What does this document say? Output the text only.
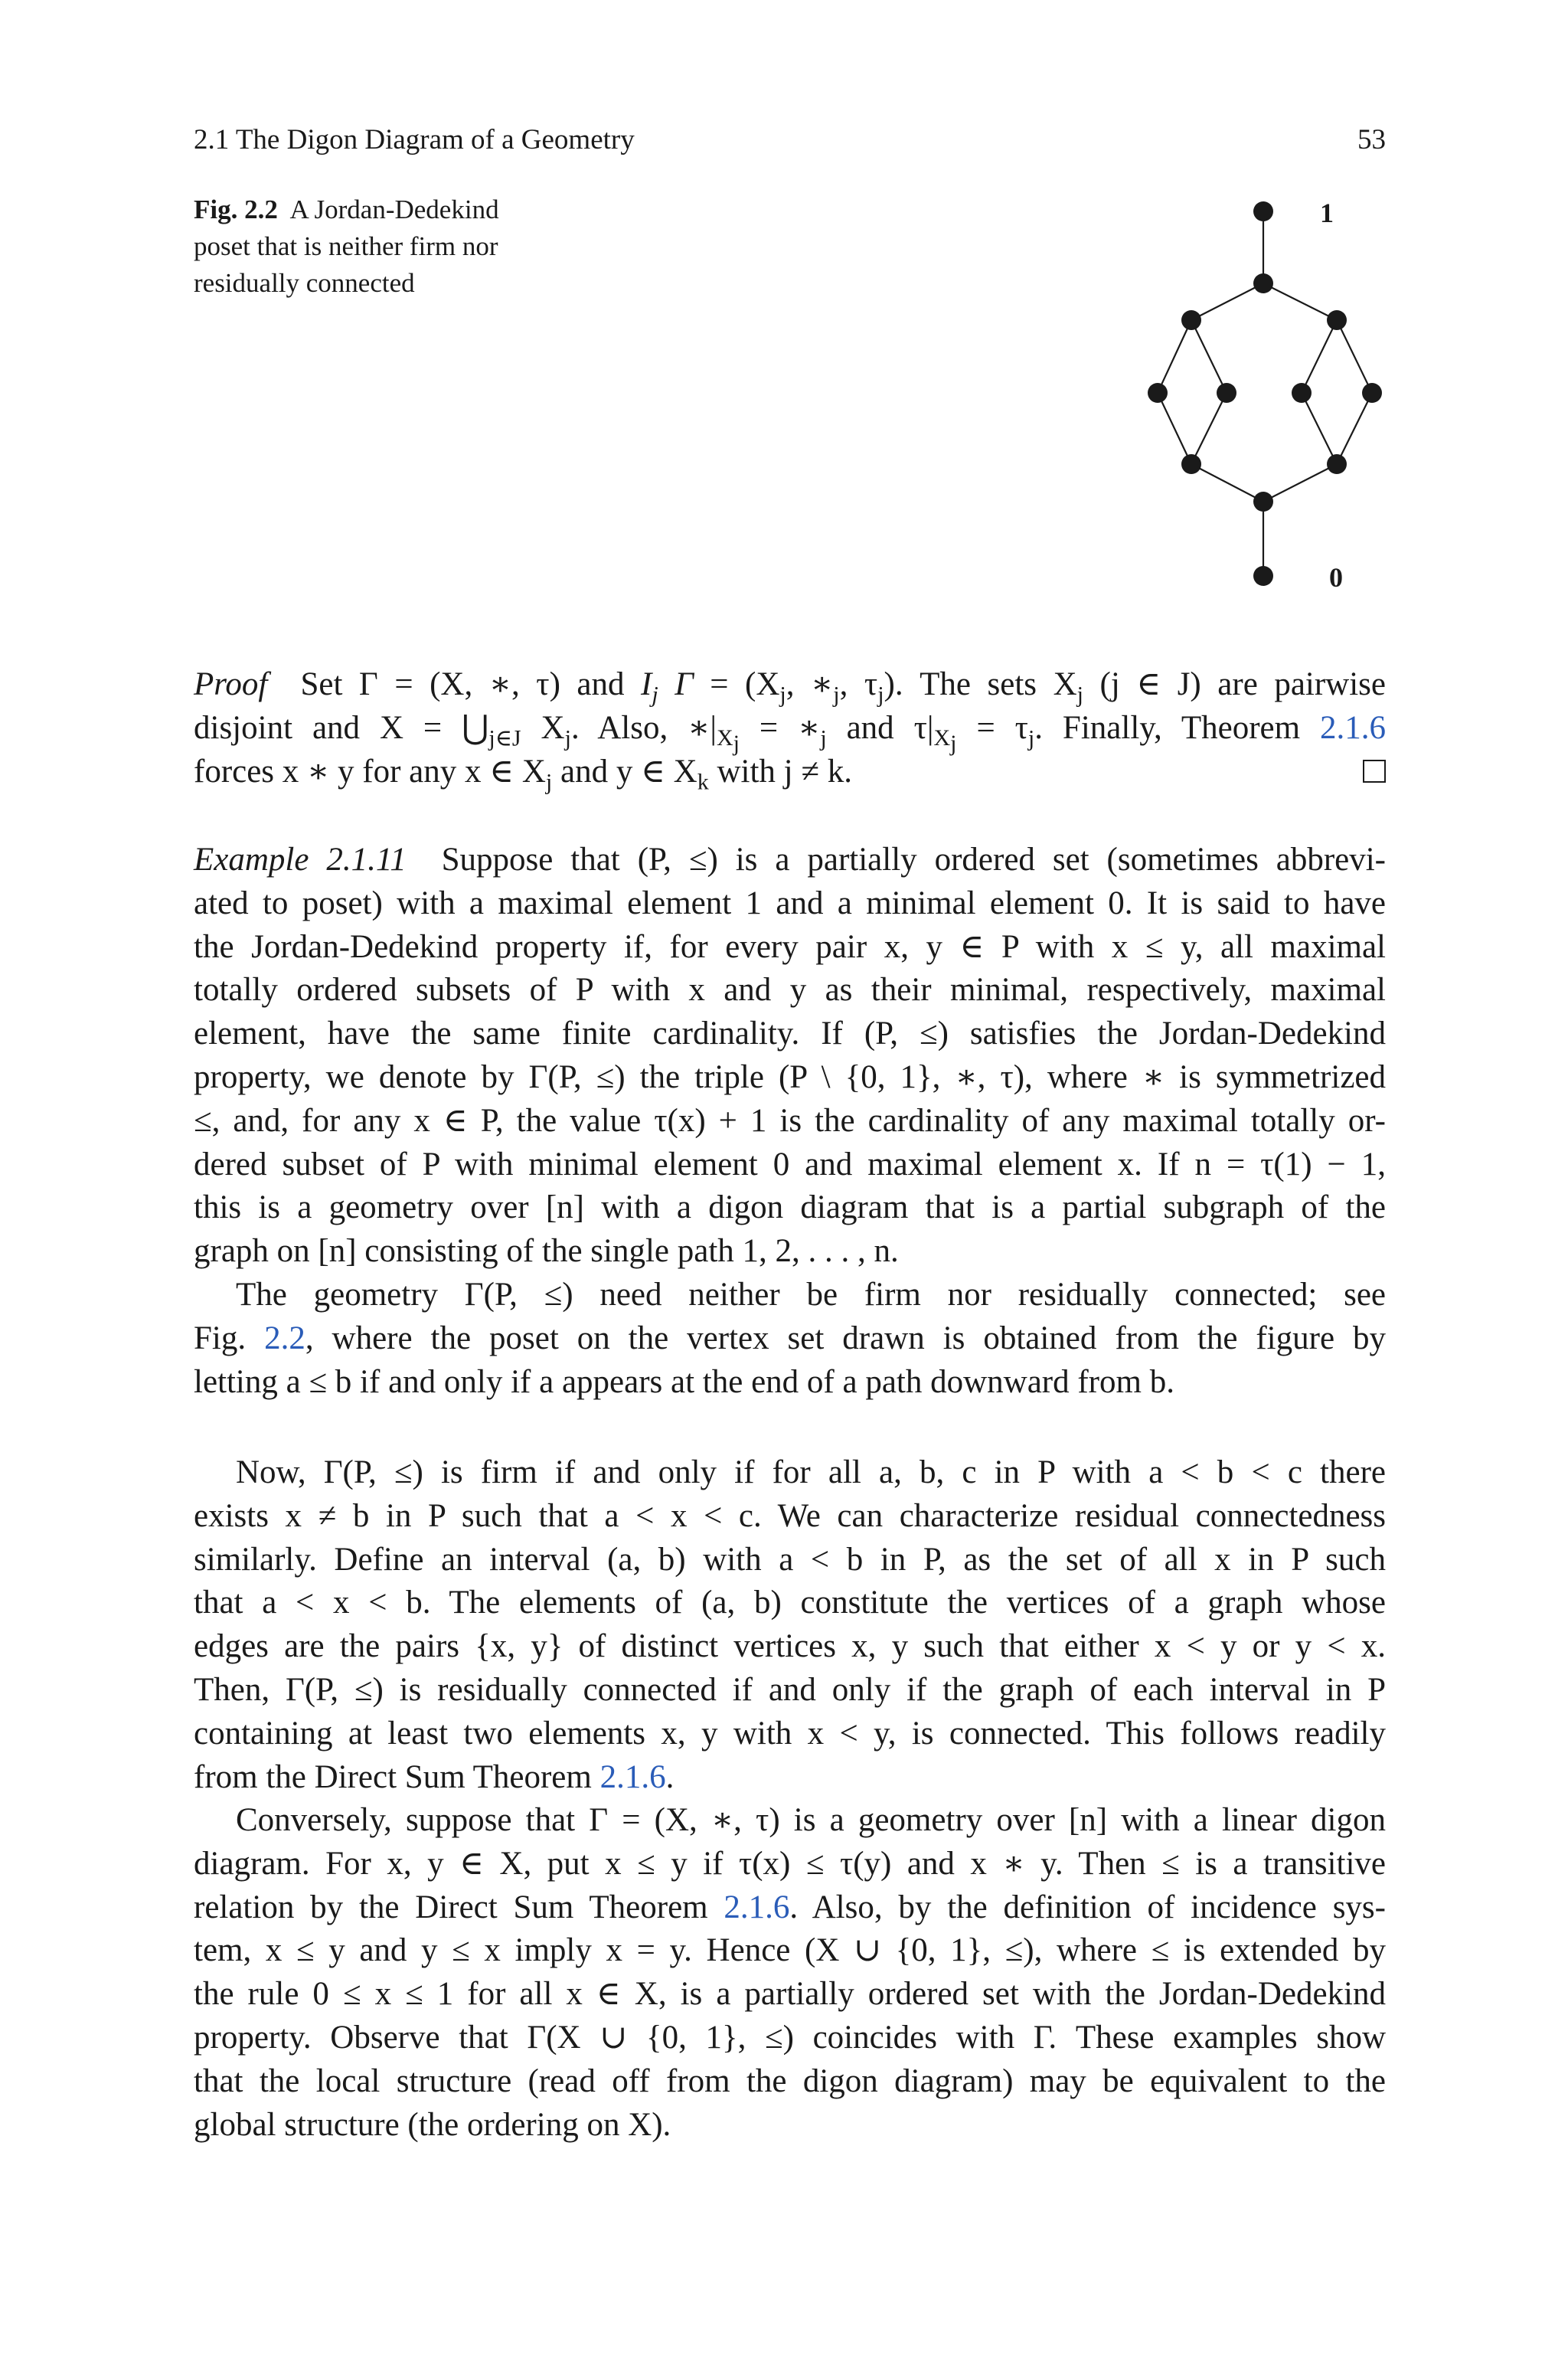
2.1 The Digon Diagram of a Geometry	53
Fig. 2.2 A Jordan-Dedekind
poset that is neither firm nor
residually connected
1
0
Proof Set Γ = (X, ∗, τ) and $I_j$ $\Gamma = (X_j$, $∗_j$, $\tau_j$). The sets $X_j$ (j ∈ J) are pairwise
disjoint and $X = ⋃_{j\in J}$ $X_j$. Also, $∗|_{X_j}$ = $∗_j$ and $\tau|_{X_j} = \tau_j$. Finally, Theorem 2.1.6
forces x ∗ y for any x ∈ $X_j$ and y ∈ $X_k$ with j ≠ k.
Example 2.1.11 Suppose that (P, ≤) is a partially ordered set (sometimes abbrevi-
ated to poset) with a maximal element 1 and a minimal element 0. It is said to have
the Jordan-Dedekind property if, for every pair x, y ∈ P with x ≤ y, all maximal
totally ordered subsets of P with x and y as their minimal, respectively, maximal
element, have the same finite cardinality. If (P, ≤) satisfies the Jordan-Dedekind
property, we denote by Γ(P, ≤) the triple (P \ {0, 1}, ∗, τ), where ∗ is symmetrized
≤, and, for any x ∈ P, the value τ(x) + 1 is the cardinality of any maximal totally or-
dered subset of P with minimal element 0 and maximal element x. If n = τ(1) − 1,
this is a geometry over [n] with a digon diagram that is a partial subgraph of the
graph on [n] consisting of the single path 1, 2, . . . , n.
The geometry Γ(P, ≤) need neither be firm nor residually connected; see
Fig. 2.2, where the poset on the vertex set drawn is obtained from the figure by
letting a ≤ b if and only if a appears at the end of a path downward from b.
Now, Γ(P, ≤) is firm if and only if for all a, b, c in P with a < b < c there
exists x ≠ b in P such that a < x < c. We can characterize residual connectedness
similarly. Define an interval (a, b) with a < b in P, as the set of all x in P such
that a < x < b. The elements of (a, b) constitute the vertices of a graph whose
edges are the pairs {x, y} of distinct vertices x, y such that either x < y or y < x.
Then, Γ(P, ≤) is residually connected if and only if the graph of each interval in P
containing at least two elements x, y with x < y, is connected. This follows readily
from the Direct Sum Theorem 2.1.6.
Conversely, suppose that Γ = (X, ∗, τ) is a geometry over [n] with a linear digon
diagram. For x, y ∈ X, put x ≤ y if τ(x) ≤ τ(y) and x ∗ y. Then ≤ is a transitive
relation by the Direct Sum Theorem 2.1.6. Also, by the definition of incidence sys-
tem, x ≤ y and y ≤ x imply x = y. Hence (X ∪ {0, 1}, ≤), where ≤ is extended by
the rule 0 ≤ x ≤ 1 for all x ∈ X, is a partially ordered set with the Jordan-Dedekind
property. Observe that Γ(X ∪ {0, 1}, ≤) coincides with Γ. These examples show
that the local structure (read off from the digon diagram) may be equivalent to the
global structure (the ordering on X).
